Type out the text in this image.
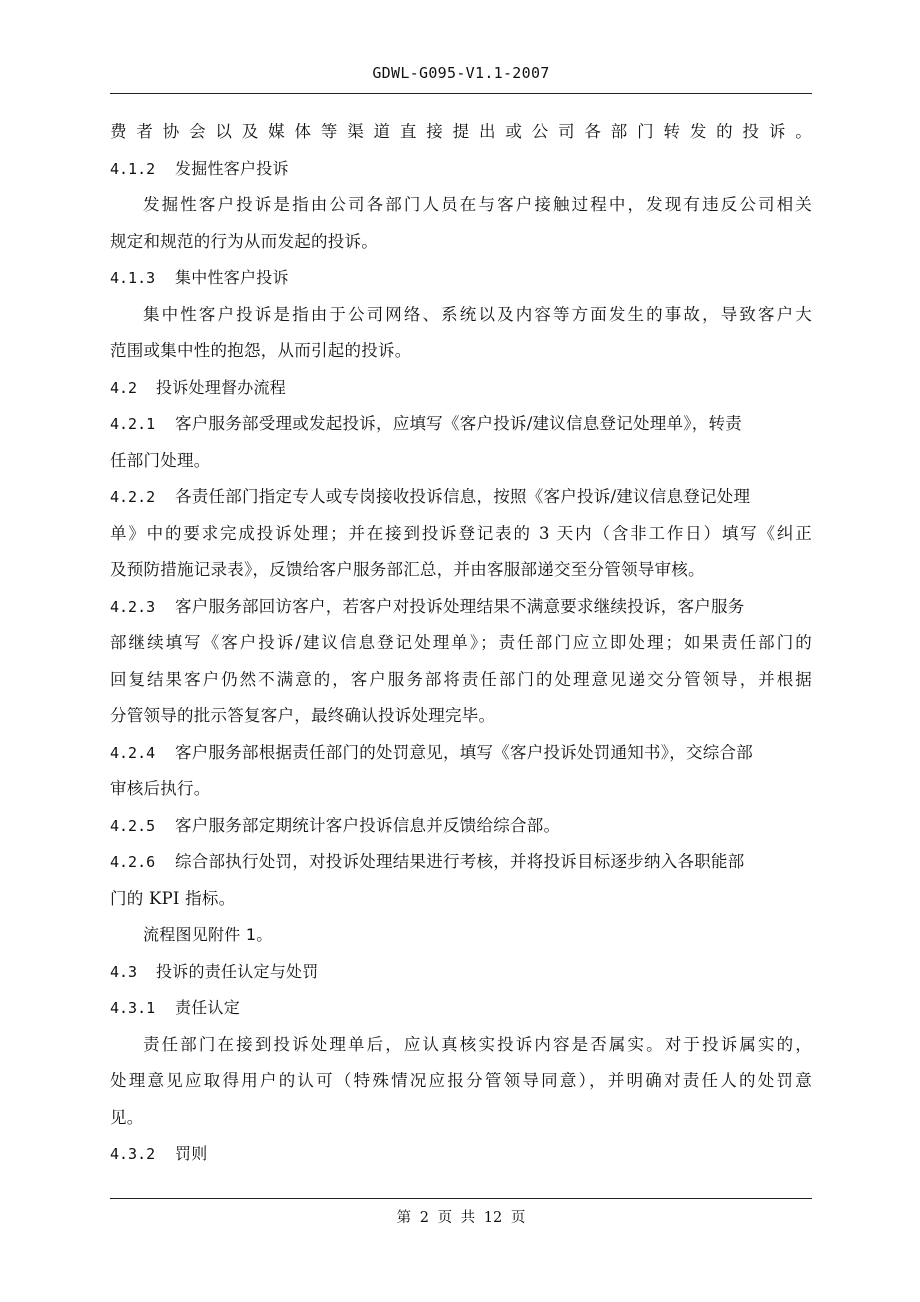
GDWL-G095-V1.1-2007
费者协会以及媒体等渠道直接提出或公司各部门转发的投诉。
4.1.2 发掘性客户投诉
发掘性客户投诉是指由公司各部门人员在与客户接触过程中，发现有违反公司相关
规定和规范的行为从而发起的投诉。
4.1.3 集中性客户投诉
集中性客户投诉是指由于公司网络、系统以及内容等方面发生的事故，导致客户大
范围或集中性的抱怨，从而引起的投诉。
4.2 投诉处理督办流程
4.2.1 客户服务部受理或发起投诉，应填写《客户投诉/建议信息登记处理单》，转责
任部门处理。
4.2.2 各责任部门指定专人或专岗接收投诉信息，按照《客户投诉/建议信息登记处理
单》中的要求完成投诉处理；并在接到投诉登记表的 3 天内（含非工作日）填写《纠正
及预防措施记录表》，反馈给客户服务部汇总，并由客服部递交至分管领导审核。
4.2.3 客户服务部回访客户，若客户对投诉处理结果不满意要求继续投诉，客户服务
部继续填写《客户投诉/建议信息登记处理单》；责任部门应立即处理；如果责任部门的
回复结果客户仍然不满意的，客户服务部将责任部门的处理意见递交分管领导，并根据
分管领导的批示答复客户，最终确认投诉处理完毕。
4.2.4 客户服务部根据责任部门的处罚意见，填写《客户投诉处罚通知书》，交综合部
审核后执行。
4.2.5 客户服务部定期统计客户投诉信息并反馈给综合部。
4.2.6 综合部执行处罚，对投诉处理结果进行考核，并将投诉目标逐步纳入各职能部
门的 KPI 指标。
流程图见附件 1。
4.3 投诉的责任认定与处罚
4.3.1 责任认定
责任部门在接到投诉处理单后，应认真核实投诉内容是否属实。对于投诉属实的，
处理意见应取得用户的认可（特殊情况应报分管领导同意），并明确对责任人的处罚意
见。
4.3.2 罚则
第 2 页 共 12 页
